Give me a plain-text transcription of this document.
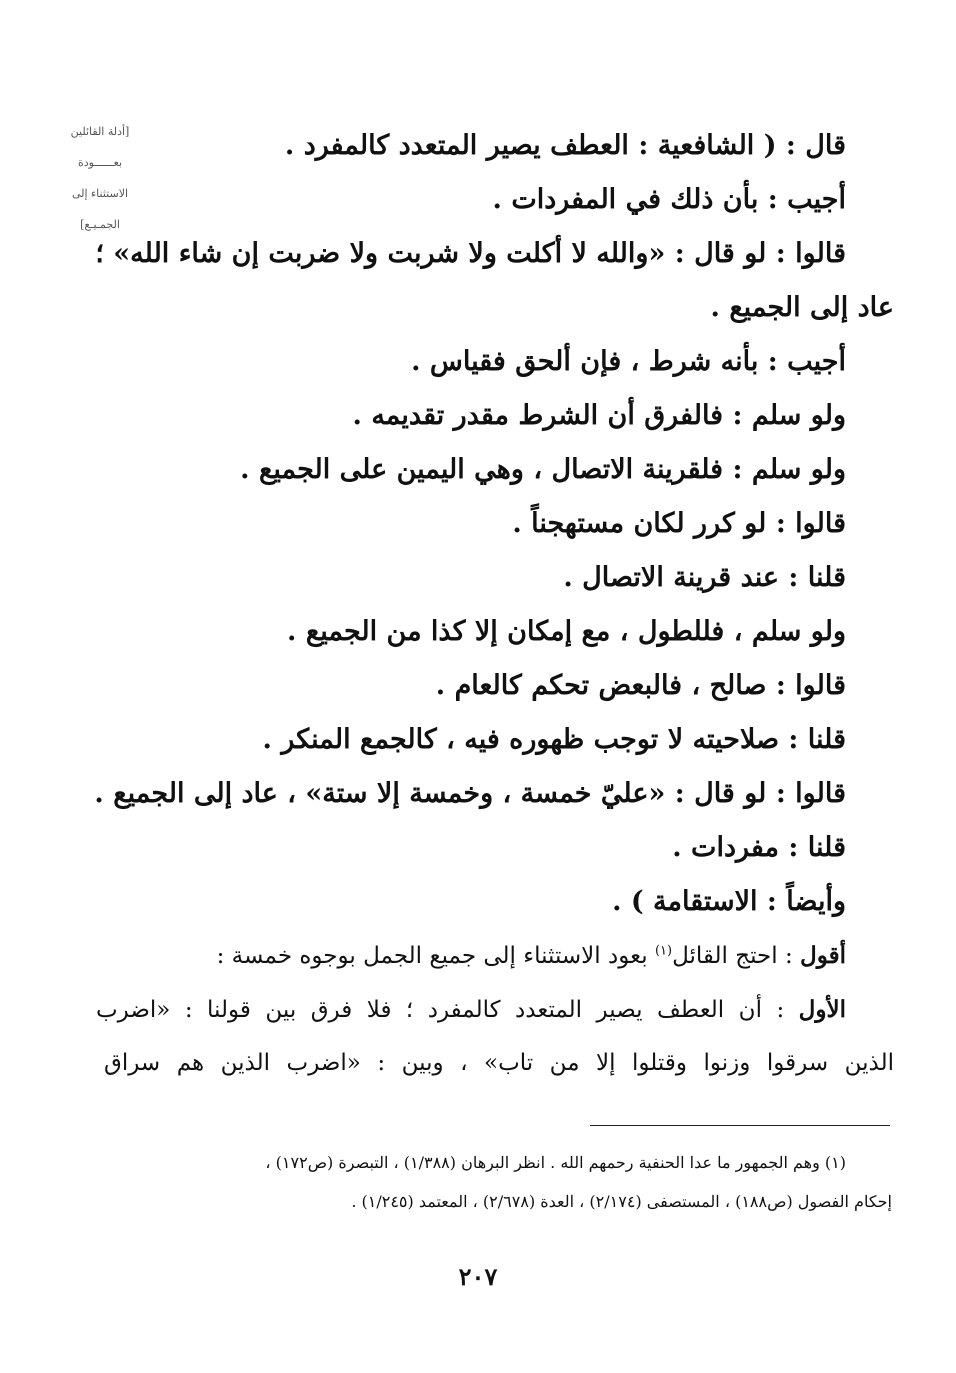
[أدلة القائلين
بعــــــودة
الاستثناء إلى
الجمـيـع]
قال : ( الشافعية : العطف يصير المتعدد كالمفرد .
أجيب : بأن ذلك في المفردات .
قالوا : لو قال : «والله لا أكلت ولا شربت ولا ضربت إن شاء الله» ؛
عاد إلى الجميع .
أجيب : بأنه شرط ، فإن ألحق فقياس .
ولو سلم : فالفرق أن الشرط مقدر تقديمه .
ولو سلم : فلقرينة الاتصال ، وهي اليمين على الجميع .
قالوا : لو كرر لكان مستهجناً .
قلنا : عند قرينة الاتصال .
ولو سلم ، فللطول ، مع إمكان إلا كذا من الجميع .
قالوا : صالح ، فالبعض تحكم كالعام .
قلنا : صلاحيته لا توجب ظهوره فيه ، كالجمع المنكر .
قالوا : لو قال : «عليّ خمسة ، وخمسة إلا ستة» ، عاد إلى الجميع .
قلنا : مفردات .
وأيضاً : الاستقامة ) .
أقول : احتج القائل$^{(١)}$ بعود الاستثناء إلى جميع الجمل بوجوه خمسة :
الأول : أن العطف يصير المتعدد كالمفرد ؛ فلا فرق بين قولنا : «اضرب
الذين سرقوا وزنوا وقتلوا إلا من تاب» ، وبين : «اضرب الذين هم سراق
(١) وهم الجمهور ما عدا الحنفية رحمهم الله . انظر البرهان (١/٣٨٨) ، التبصرة (ص١٧٢) ،
إحكام الفصول (ص١٨٨) ، المستصفى (٢/١٧٤) ، العدة (٢/٦٧٨) ، المعتمد (١/٢٤٥) .
٢٠٧
